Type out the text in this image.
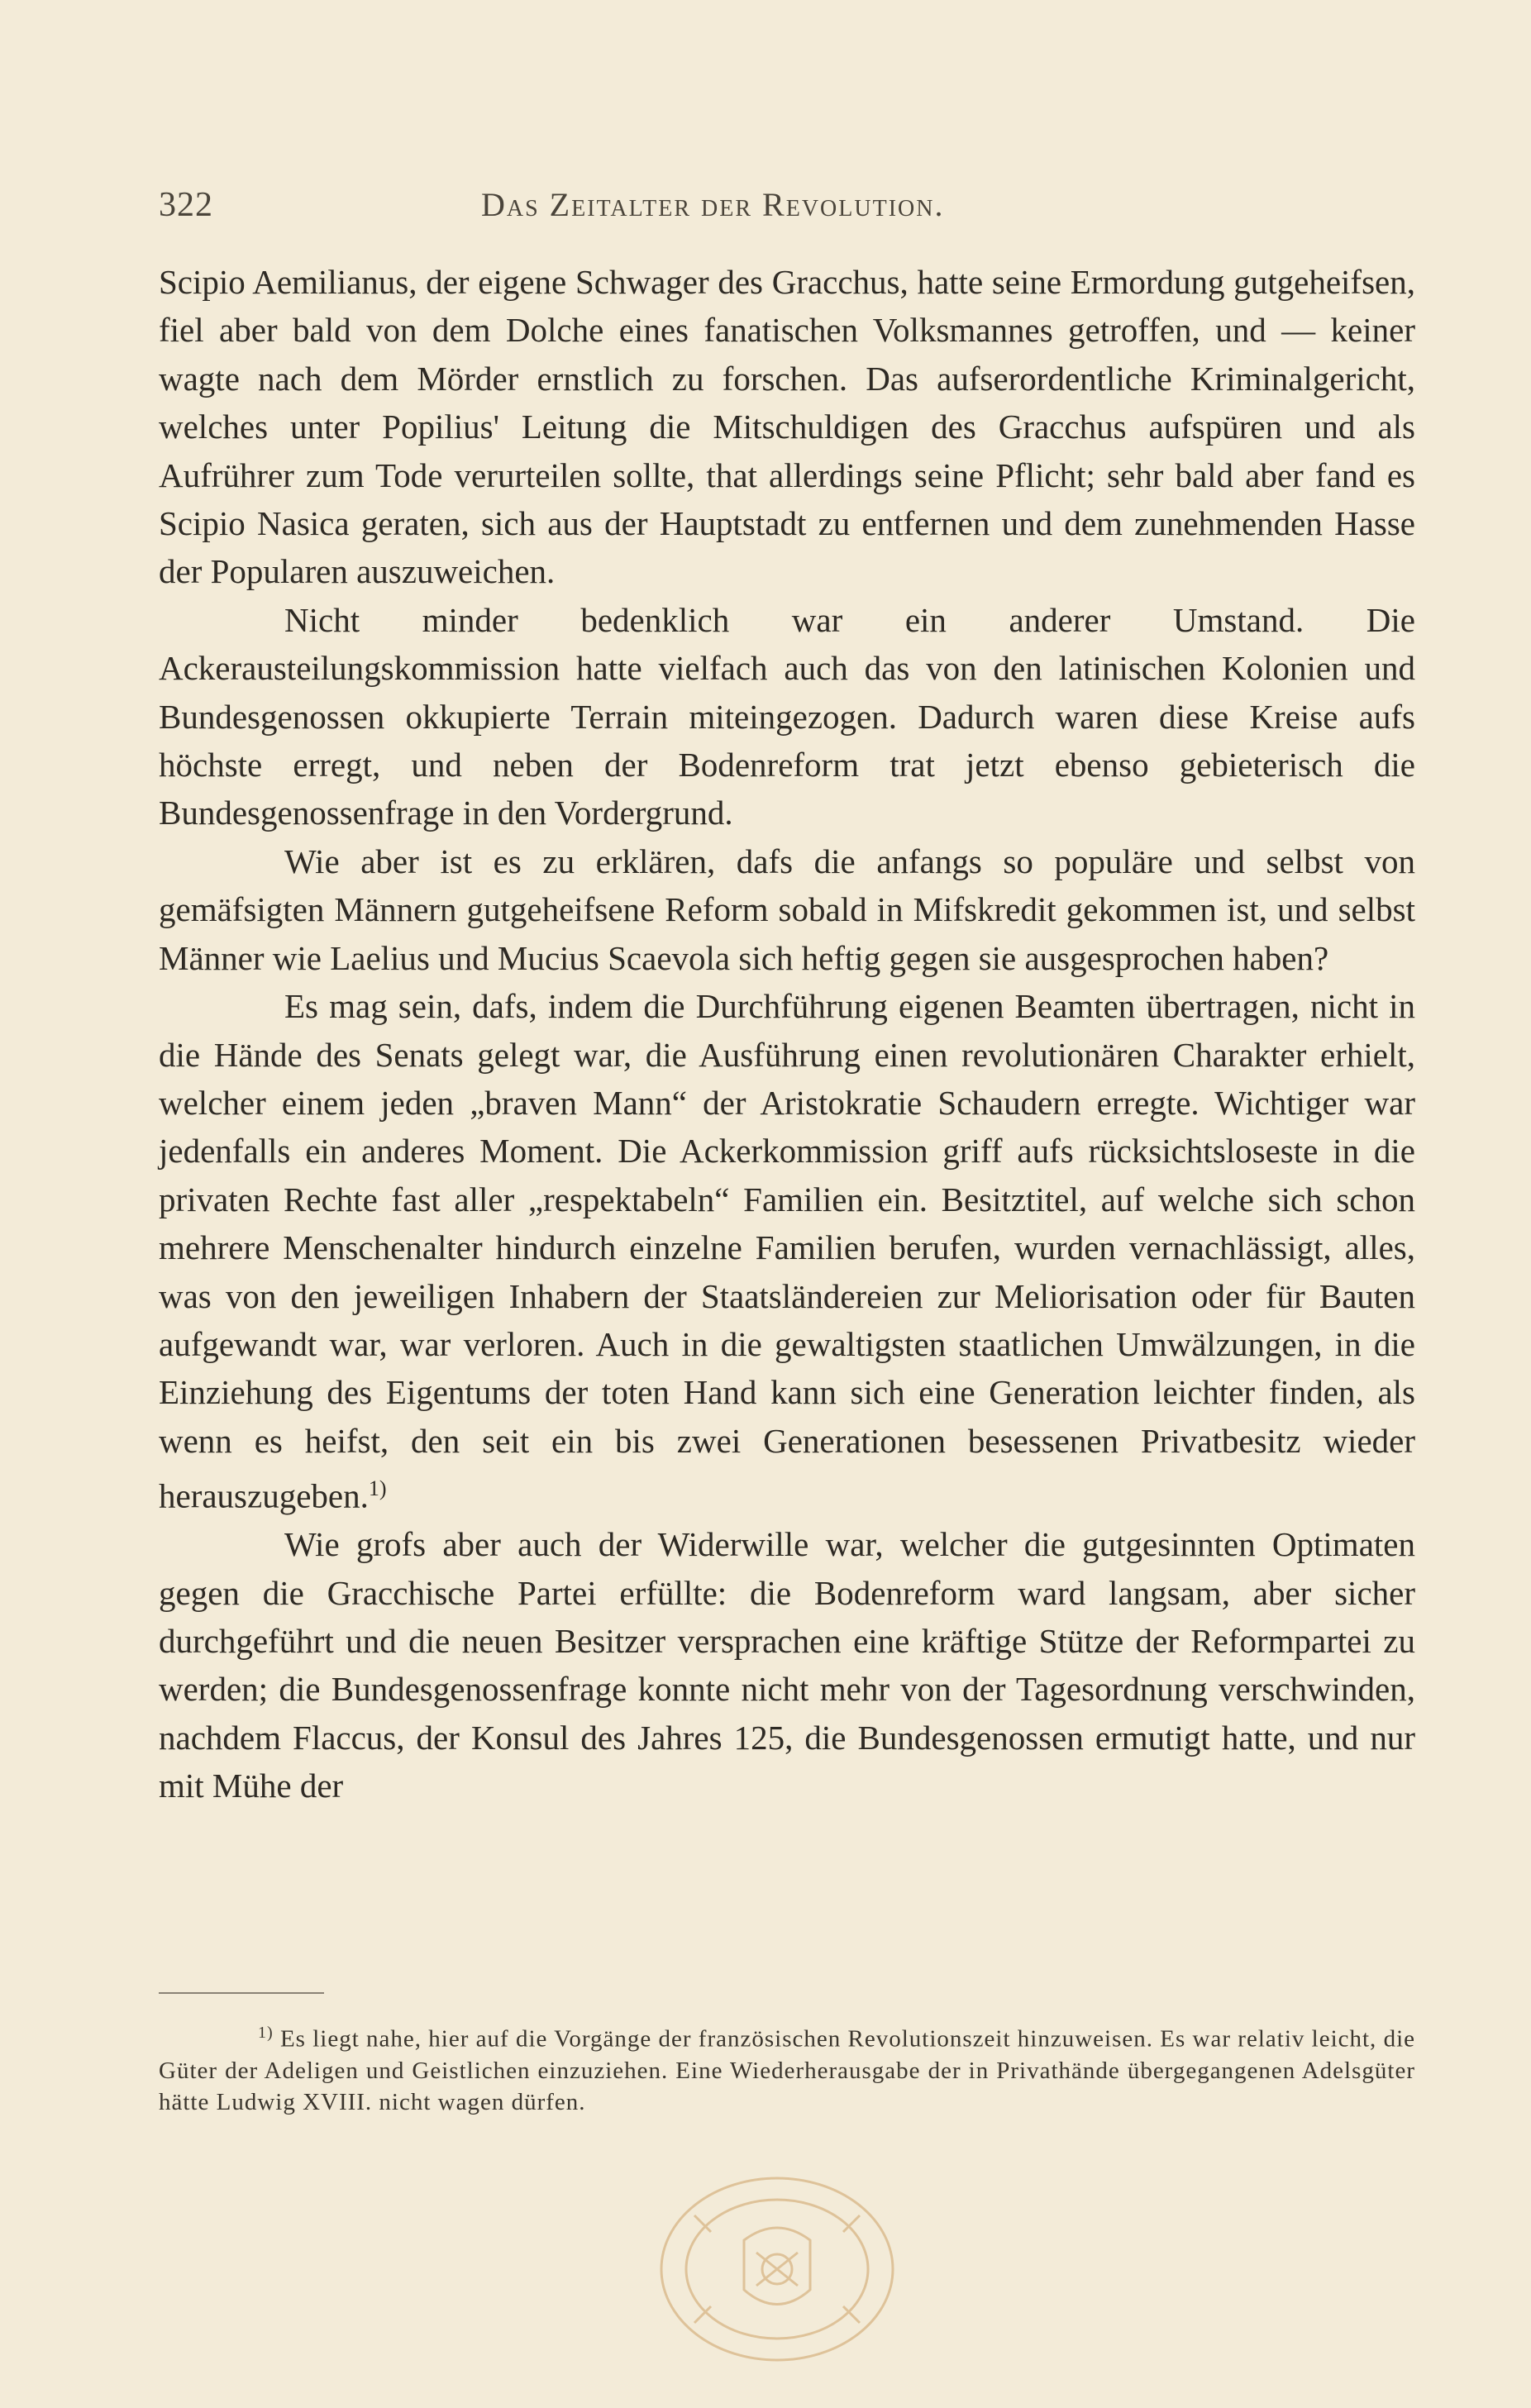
322	Das Zeitalter der Revolution.

Scipio Aemilianus, der eigene Schwager des Gracchus, hatte seine Ermordung gutgeheifsen, fiel aber bald von dem Dolche eines fanatischen Volksmannes getroffen, und — keiner wagte nach dem Mörder ernstlich zu forschen. Das aufserordentliche Kriminalgericht, welches unter Popilius' Leitung die Mitschuldigen des Gracchus aufspüren und als Aufrührer zum Tode verurteilen sollte, that allerdings seine Pflicht; sehr bald aber fand es Scipio Nasica geraten, sich aus der Hauptstadt zu entfernen und dem zunehmenden Hasse der Popularen auszuweichen.

Nicht minder bedenklich war ein anderer Umstand. Die Ackerausteilungskommission hatte vielfach auch das von den latinischen Kolonien und Bundesgenossen okkupierte Terrain miteingezogen. Dadurch waren diese Kreise aufs höchste erregt, und neben der Bodenreform trat jetzt ebenso gebieterisch die Bundesgenossenfrage in den Vordergrund.

Wie aber ist es zu erklären, dafs die anfangs so populäre und selbst von gemäfsigten Männern gutgeheifsene Reform sobald in Mifskredit gekommen ist, und selbst Männer wie Laelius und Mucius Scaevola sich heftig gegen sie ausgesprochen haben?

Es mag sein, dafs, indem die Durchführung eigenen Beamten übertragen, nicht in die Hände des Senats gelegt war, die Ausführung einen revolutionären Charakter erhielt, welcher einem jeden „braven Mann“ der Aristokratie Schaudern erregte. Wichtiger war jedenfalls ein anderes Moment. Die Ackerkommission griff aufs rücksichtsloseste in die privaten Rechte fast aller „respektabeln“ Familien ein. Besitztitel, auf welche sich schon mehrere Menschenalter hindurch einzelne Familien berufen, wurden vernachlässigt, alles, was von den jeweiligen Inhabern der Staatsländereien zur Meliorisation oder für Bauten aufgewandt war, war verloren. Auch in die gewaltigsten staatlichen Umwälzungen, in die Einziehung des Eigentums der toten Hand kann sich eine Generation leichter finden, als wenn es heifst, den seit ein bis zwei Generationen besessenen Privatbesitz wieder herauszugeben.$^{1)}$

Wie grofs aber auch der Widerwille war, welcher die gutgesinnten Optimaten gegen die Gracchische Partei erfüllte: die Bodenreform ward langsam, aber sicher durchgeführt und die neuen Besitzer versprachen eine kräftige Stütze der Reformpartei zu werden; die Bundesgenossenfrage konnte nicht mehr von der Tagesordnung verschwinden, nachdem Flaccus, der Konsul des Jahres 125, die Bundesgenossen ermutigt hatte, und nur mit Mühe der

$^{1)}$ Es liegt nahe, hier auf die Vorgänge der französischen Revolutionszeit hinzuweisen. Es war relativ leicht, die Güter der Adeligen und Geistlichen einzuziehen. Eine Wiederherausgabe der in Privathände übergegangenen Adelsgüter hätte Ludwig XVIII. nicht wagen dürfen.
